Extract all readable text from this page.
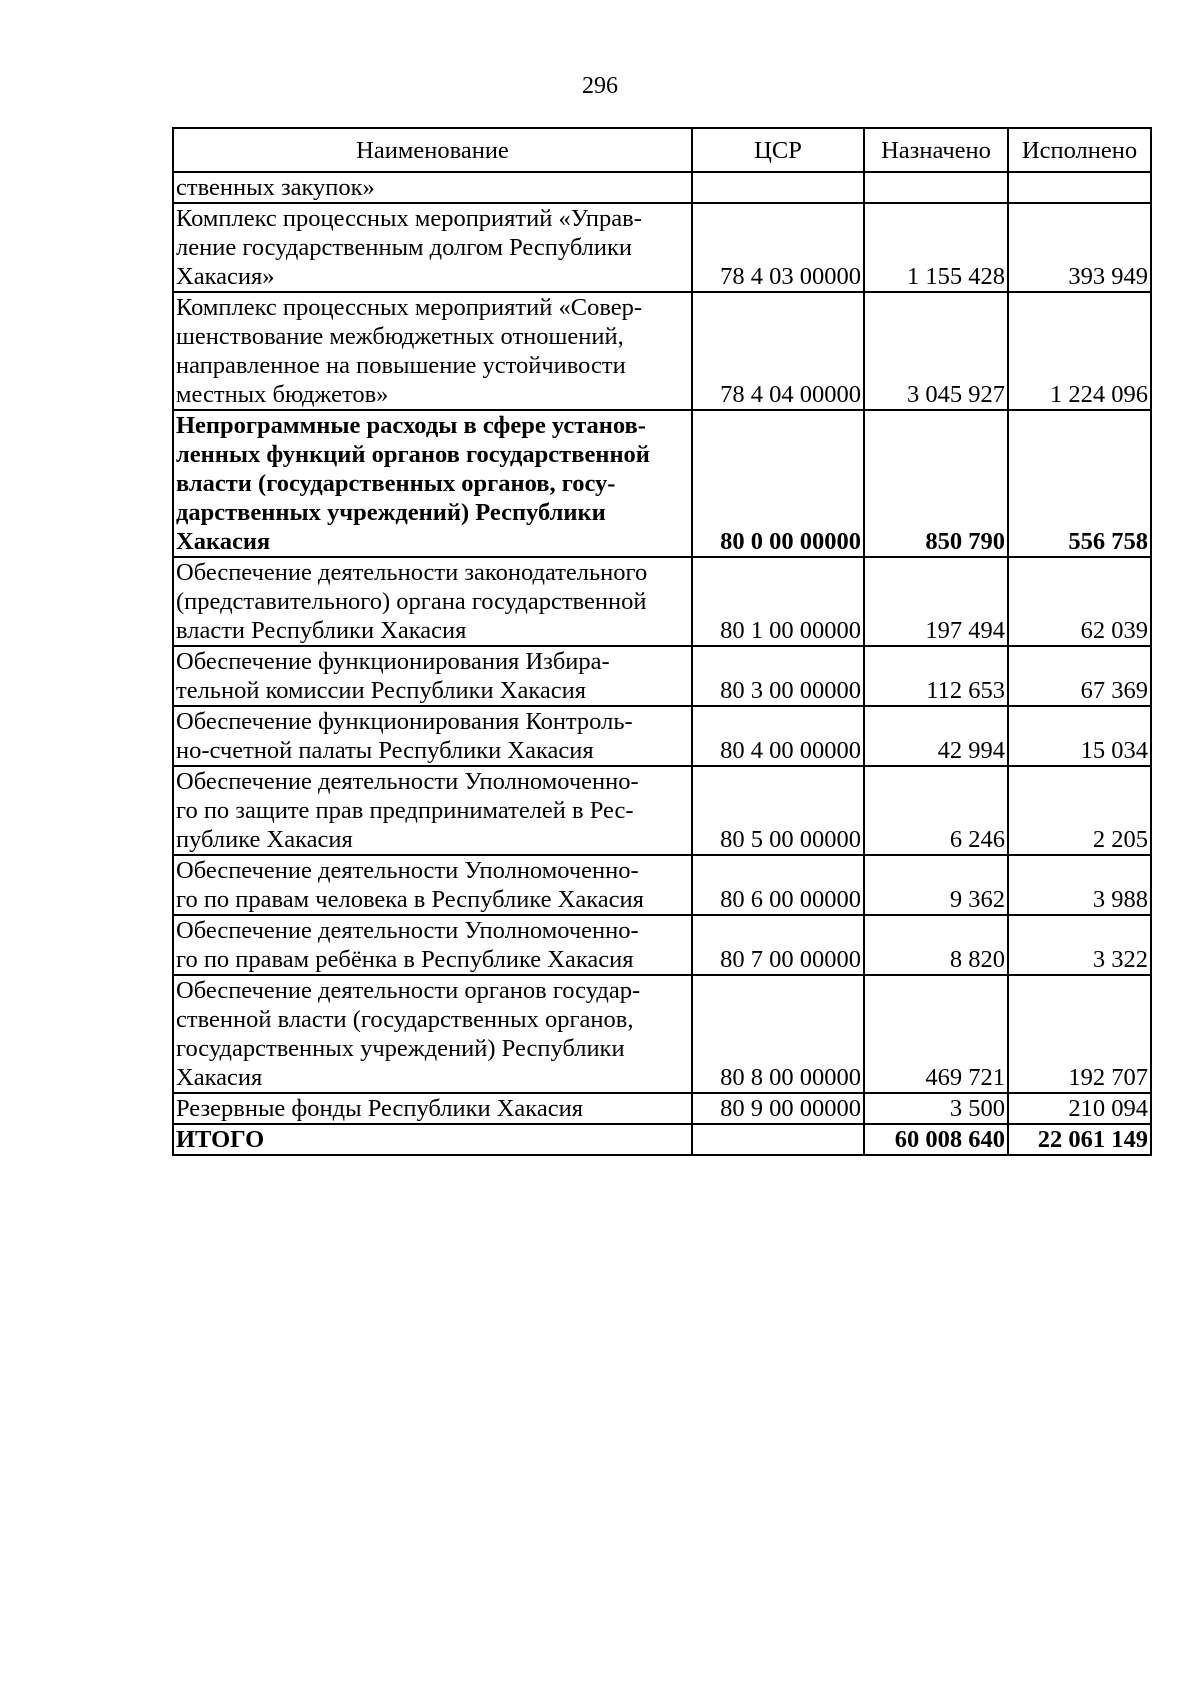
296
Наименование	ЦСР	Назначено	Исполнено
ственных закупок»			
Комплекс процессных мероприятий «Управ-
ление государственным долгом Республики
Хакасия»	78 4 03 00000	1 155 428	393 949
Комплекс процессных мероприятий «Совер-
шенствование межбюджетных отношений,
направленное на повышение устойчивости
местных бюджетов»	78 4 04 00000	3 045 927	1 224 096
Непрограммные расходы в сфере установ-
ленных функций органов государственной
власти (государственных органов, госу-
дарственных учреждений) Республики
Хакасия	80 0 00 00000	850 790	556 758
Обеспечение деятельности законодательного
(представительного) органа государственной
власти Республики Хакасия	80 1 00 00000	197 494	62 039
Обеспечение функционирования Избира-
тельной комиссии Республики Хакасия	80 3 00 00000	112 653	67 369
Обеспечение функционирования Контроль-
но-счетной палаты Республики Хакасия	80 4 00 00000	42 994	15 034
Обеспечение деятельности Уполномоченно-
го по защите прав предпринимателей в Рес-
публике Хакасия	80 5 00 00000	6 246	2 205
Обеспечение деятельности Уполномоченно-
го по правам человека в Республике Хакасия	80 6 00 00000	9 362	3 988
Обеспечение деятельности Уполномоченно-
го по правам ребёнка в Республике Хакасия	80 7 00 00000	8 820	3 322
Обеспечение деятельности органов государ-
ственной власти (государственных органов,
государственных учреждений) Республики
Хакасия	80 8 00 00000	469 721	192 707
Резервные фонды Республики Хакасия	80 9 00 00000	3 500	210 094
ИТОГО		60 008 640	22 061 149
